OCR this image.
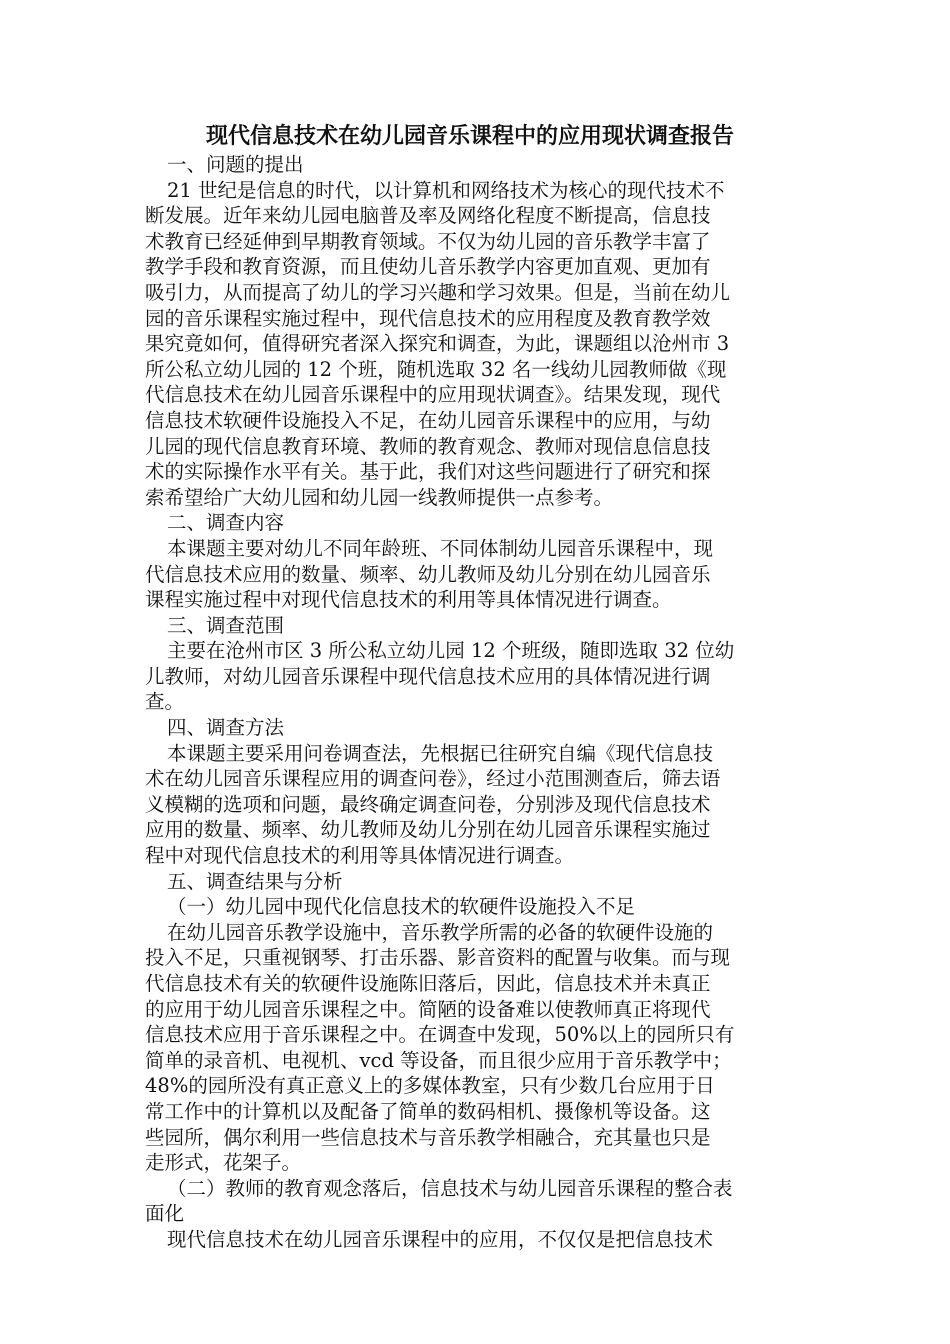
现代信息技术在幼儿园音乐课程中的应用现状调查报告

一、问题的提出

21 世纪是信息的时代，以计算机和网络技术为核心的现代技术不

断发展。近年来幼儿园电脑普及率及网络化程度不断提高，信息技

术教育已经延伸到早期教育领域。不仅为幼儿园的音乐教学丰富了

教学手段和教育资源，而且使幼儿音乐教学内容更加直观、更加有

吸引力，从而提高了幼儿的学习兴趣和学习效果。但是，当前在幼儿

园的音乐课程实施过程中，现代信息技术的应用程度及教育教学效

果究竟如何，值得研究者深入探究和调查，为此，课题组以沧州市 3

所公私立幼儿园的 12 个班，随机选取 32 名一线幼儿园教师做《现

代信息技术在幼儿园音乐课程中的应用现状调查》。结果发现，现代

信息技术软硬件设施投入不足，在幼儿园音乐课程中的应用，与幼

儿园的现代信息教育环境、教师的教育观念、教师对现信息信息技

术的实际操作水平有关。基于此，我们对这些问题进行了研究和探

索希望给广大幼儿园和幼儿园一线教师提供一点参考。

二、调查内容

本课题主要对幼儿不同年龄班、不同体制幼儿园音乐课程中，现

代信息技术应用的数量、频率、幼儿教师及幼儿分别在幼儿园音乐

课程实施过程中对现代信息技术的利用等具体情况进行调查。

三、调查范围

主要在沧州市区 3 所公私立幼儿园 12 个班级，随即选取 32 位幼

儿教师，对幼儿园音乐课程中现代信息技术应用的具体情况进行调

查。

四、调查方法

本课题主要采用问卷调查法，先根据已往研究自编《现代信息技

术在幼儿园音乐课程应用的调查问卷》，经过小范围测查后，筛去语

义模糊的选项和问题，最终确定调查问卷，分别涉及现代信息技术

应用的数量、频率、幼儿教师及幼儿分别在幼儿园音乐课程实施过

程中对现代信息技术的利用等具体情况进行调查。

五、调查结果与分析

（一）幼儿园中现代化信息技术的软硬件设施投入不足

在幼儿园音乐教学设施中，音乐教学所需的必备的软硬件设施的

投入不足，只重视钢琴、打击乐器、影音资料的配置与收集。而与现

代信息技术有关的软硬件设施陈旧落后，因此，信息技术并未真正

的应用于幼儿园音乐课程之中。简陋的设备难以使教师真正将现代

信息技术应用于音乐课程之中。在调查中发现，50%以上的园所只有

简单的录音机、电视机、vcd 等设备，而且很少应用于音乐教学中；

48%的园所没有真正意义上的多媒体教室，只有少数几台应用于日

常工作中的计算机以及配备了简单的数码相机、摄像机等设备。这

些园所，偶尔利用一些信息技术与音乐教学相融合，充其量也只是

走形式，花架子。

（二）教师的教育观念落后，信息技术与幼儿园音乐课程的整合表

面化

现代信息技术在幼儿园音乐课程中的应用，不仅仅是把信息技术
